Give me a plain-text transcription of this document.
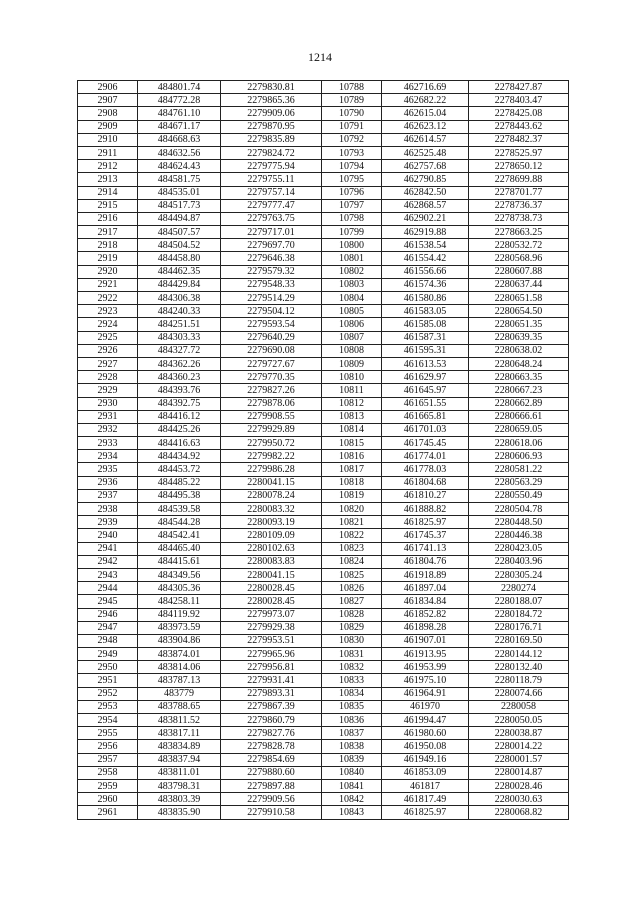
1214
2906	484801.74	2279830.81	10788	462716.69	2278427.87
2907	484772.28	2279865.36	10789	462682.22	2278403.47
2908	484761.10	2279909.06	10790	462615.04	2278425.08
2909	484671.17	2279870.95	10791	462623.12	2278443.62
2910	484668.63	2279835.89	10792	462614.57	2278482.37
2911	484632.56	2279824.72	10793	462525.48	2278525.97
2912	484624.43	2279775.94	10794	462757.68	2278650.12
2913	484581.75	2279755.11	10795	462790.85	2278699.88
2914	484535.01	2279757.14	10796	462842.50	2278701.77
2915	484517.73	2279777.47	10797	462868.57	2278736.37
2916	484494.87	2279763.75	10798	462902.21	2278738.73
2917	484507.57	2279717.01	10799	462919.88	2278663.25
2918	484504.52	2279697.70	10800	461538.54	2280532.72
2919	484458.80	2279646.38	10801	461554.42	2280568.96
2920	484462.35	2279579.32	10802	461556.66	2280607.88
2921	484429.84	2279548.33	10803	461574.36	2280637.44
2922	484306.38	2279514.29	10804	461580.86	2280651.58
2923	484240.33	2279504.12	10805	461583.05	2280654.50
2924	484251.51	2279593.54	10806	461585.08	2280651.35
2925	484303.33	2279640.29	10807	461587.31	2280639.35
2926	484327.72	2279690.08	10808	461595.31	2280638.02
2927	484362.26	2279727.67	10809	461613.53	2280648.24
2928	484360.23	2279770.35	10810	461629.97	2280663.35
2929	484393.76	2279827.26	10811	461645.97	2280667.23
2930	484392.75	2279878.06	10812	461651.55	2280662.89
2931	484416.12	2279908.55	10813	461665.81	2280666.61
2932	484425.26	2279929.89	10814	461701.03	2280659.05
2933	484416.63	2279950.72	10815	461745.45	2280618.06
2934	484434.92	2279982.22	10816	461774.01	2280606.93
2935	484453.72	2279986.28	10817	461778.03	2280581.22
2936	484485.22	2280041.15	10818	461804.68	2280563.29
2937	484495.38	2280078.24	10819	461810.27	2280550.49
2938	484539.58	2280083.32	10820	461888.82	2280504.78
2939	484544.28	2280093.19	10821	461825.97	2280448.50
2940	484542.41	2280109.09	10822	461745.37	2280446.38
2941	484465.40	2280102.63	10823	461741.13	2280423.05
2942	484415.61	2280083.83	10824	461804.76	2280403.96
2943	484349.56	2280041.15	10825	461918.89	2280305.24
2944	484305.36	2280028.45	10826	461897.04	2280274
2945	484258.11	2280028.45	10827	461834.84	2280188.07
2946	484119.92	2279973.07	10828	461852.82	2280184.72
2947	483973.59	2279929.38	10829	461898.28	2280176.71
2948	483904.86	2279953.51	10830	461907.01	2280169.50
2949	483874.01	2279965.96	10831	461913.95	2280144.12
2950	483814.06	2279956.81	10832	461953.99	2280132.40
2951	483787.13	2279931.41	10833	461975.10	2280118.79
2952	483779	2279893.31	10834	461964.91	2280074.66
2953	483788.65	2279867.39	10835	461970	2280058
2954	483811.52	2279860.79	10836	461994.47	2280050.05
2955	483817.11	2279827.76	10837	461980.60	2280038.87
2956	483834.89	2279828.78	10838	461950.08	2280014.22
2957	483837.94	2279854.69	10839	461949.16	2280001.57
2958	483811.01	2279880.60	10840	461853.09	2280014.87
2959	483798.31	2279897.88	10841	461817	2280028.46
2960	483803.39	2279909.56	10842	461817.49	2280030.63
2961	483835.90	2279910.58	10843	461825.97	2280068.82
